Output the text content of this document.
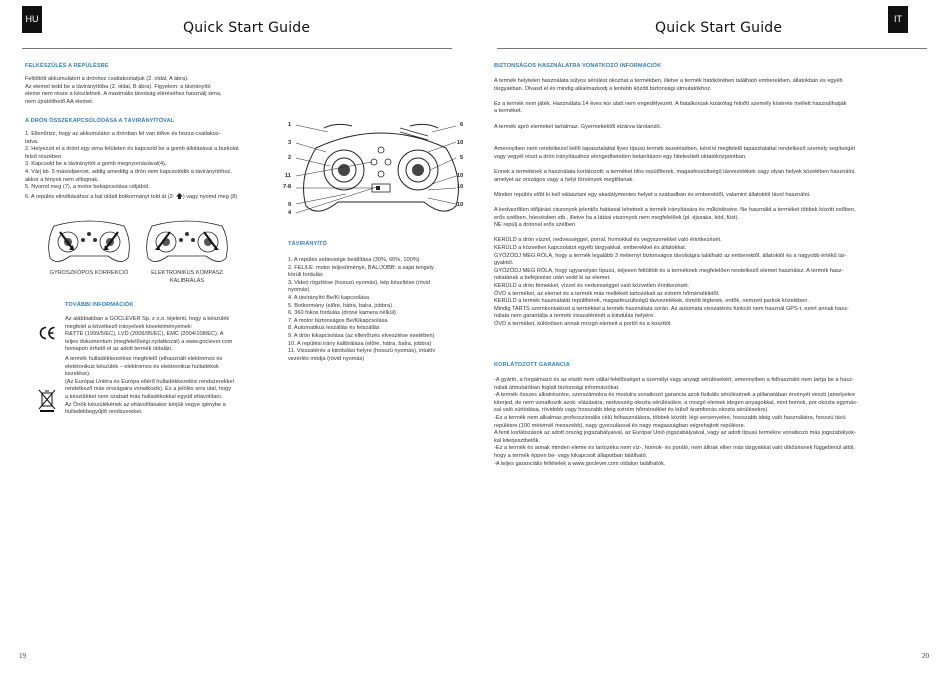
HU
Quick Start Guide
FELKÉSZÜLÉS A REPÜLÉSRE
Feltöltött akkumulátort a drónhoz csatlakoztatjuk (2. oldal, A ábra).
Az elemet tedd be a távirányítóba (2. oldal, B ábra). Figyelem: a távirányító
eleme nem része a készletnek. A maximális távolság eléréséhez használj sima,
nem újratölthető AA elemet.
A DRÓN ÖSSZEKAPCSOLÓDÁSA A TÁVIRÁNYÍTÓVAL
1. Ellenőrizz, hogy az akkumulátor a drónban fel van töltve és hozza csatlakoz-
tatva.
2. Helyezzd el a drónt egy sima felületen és kapcsold be a gomb állolásával a burkolat
felső részében.
3. Kapcsold be a távirányítót a gomb megnyomásával(4).
4. Várj kb. 5 másodpercet, addig ameddig a drón nem kapcsolódik a távirányítóhoz,
akkor a fények nem villognak.
5. Nyomd meg (7), a motor bekapcsolása céljából.
6. A repülés elindításához a bal oldali botkormányt told át (2: ) vagy nyomd meg (8)
GYROSZKÓPOS KORREKCIÓ	ELEKTRONIKUS KOMPASZ
KALIBRÁLÁS
TOVÁBBI INFORMÁCIÓK
Az alábbiakban a GOCLEVER Sp. z o.o. kijelenti, hogy a készülék
megfelel a következő irányelvek követelményeinek:
R&TTE (1999/5/EC), LVD (2006/95/EC), EMC (2004/108/EC). A
teljes dokumentum (megfelelőségi nyilatkozat) a www.goclever.com
honlapon érhető el az adott termék oldalán.
A termék hulladékkezelése megfelelő (elhasznált elektromos és
elektronikus készülék – elektromos és elektronikus hulladékok
kezelése).
(Az Európai Unióra és Európa eltérő hulladékkezelési rendszerekkel
rendelkező más országaira vonatkozik). Ez a jelölés arra utal, hogy
a készüléket nem szabad más hulladékokkal együtt eltávolítani.
Az Önök készülékének az eltávolításakor kérjük vegye igénybe a
hulladékbegyűjtő rendszereket.
1
3
2
11
7-8
9
4
6
10
5
10
10
10
TÁVIRÁNYÍTÓ
1. A repülés sebessége beállítása (30%, 60%, 100%)
2. FEL/LE: motor teljesítménye, BAL/JOBB: a sajat tengely
körüli fordulás
3. Videó rögzítése (hosszú nyomás), kép készítése (rövid
nyomás)
4. A távirányító Be/Ki kapcsolása
5. Botkormány (előre, hátra, balra, jobbra)
6. 360 fokos fordulás (drone kamera nélkül)
7. A motor biztonságos Be/Kikapcsolása
8. Automatikus leszállás és felszállás
9. A drón kikapcsolása (az ellenőrzés elvesztése esetében)
10. A repülési irány kalibrálása (előre, hátra, balra, jobbra)
11. Visszatérés a kiindulási helyre (hosszú nyomás), intuitív
vezérlés módja (rövid nyomás)
19
IT
Quick Start Guide
BIZTONSÁGOS HASZNÁLATRA VONATKOZÓ INFORMÁCIÓK
A termék helytelen használata súlyos sérülést okozhat a termékben, illetve a termék hatókörében található emberekben, állatokban és egyéb
tárgyakban. Olvasd el és mindig alkalmazkodj a lentebb közölt biztonsági útmutatókhoz.

Ez a termék nem játék. Használata 14 éves kor alatt nem engedélyezett. A fiatalkorúak kizárólag felnőtt személy kísérete mellett használhatják
a terméket.

A termék apró elemeket tartalmaz. Gyermekektől elzárva tárolandó.

Amennyiben nem rendelkezel kellő tapasztalattal ilyen típusú termék kezelésében, kérd ki megfelelő tapasztalattal rendelkező személy segítségét
vagy vegyél részt a drón irányításához elengedhetetlen betanításon egy hitelesített oktatóközpontban.

Ennek a terméknek a használata korlátozott; a terméket tilos repülőterek, magasfeszültségű távvezetékek vagy olyan helyek közelében használni,
amelyet az országos vagy a helyi törvények megtiltanak.

Minden repülés előtt ki kell választani egy akadálymentes helyet a szabadban és emberektől, valamint állatoktól távol használni.

A kedvezőtlen időjárási viszonyok jelentős hatással lehetnek a termék irányítására és működésére. Ne használd a terméket többek között esőben,
erős szélben, hóesésben stb., illetve ha a látási viszonyok nem megfelelőek (pl. éjszaka, köd, füst).
NE repülj a drónnal erős szélben

KERÜLD a drón vízzel, nedvességgel, porral, homokkal és vegyszerekkel való érintkezését.
KERÜLD a közvetlen kapcsolatot egyéb tárgyakkal, emberekkel és állatokkal.
GYŐZŐDJ MEG RÓLA, hogy a termék legalább 3 méternyi biztonságos távolságra található az emberektől, állatoktól és a nagyobb értékű tár-
gyaktól.
GYŐZŐDJ MEG RÓLA, hogy ugyanolyan típusú, teljesen feltöltött és a terméknek megfelelően rendelkező elemet használsz. A termék hasz-
nálatának a befejezése után vedd ki az elemet.
KERÜLD a drón fémekkel, vízzel és nedvességgel való közvetlen érintkezését.
ÓVD a terméket, az elemet és a termék más mellékelt tartozékait az extrém hőmérsékletől.
KERÜLD a termék használatát repülőterek, magasfeszültségű távvezetékek, tömött légterek, erdők, nemzeti parkok közelében.
Mindig TARTS szemkontaktust a termékkel a termék használata során. Az automata visszatérés funkció nem használ GPS-t, ezért annak hasz-
nálata nem garantálja a termék visszatérését a kiindulás helyére.
ÓVD a terméket, különösen annak mozgó elemeit a portól és a koszttól.
KORLÁTOZOTT GARANCIA
-A gyártó, a forgalmazó és az eladó nem vállal felelősséget a személyi vagy anyagi sérülésekért, amennyiben a felhasználó nem tartja be a hasz-
nálati útmutatóban foglalt biztonsági információkat.
-A termék összes alkatrészére, szerszámokra és modulra vonatkozó garancia azok fizikális sérülésének a pillanatában érvényét veszti (amelyekre
kiterjed, de nem vonatkozik azok: elázására, nedvesség okozta sérülésükre, a mozgó elemek idegen anyagokkal, mint homok, por okozta egymás-
sal való súrlódása, rövidebb vagy hosszabb ideig extrém hőmérséklet és külső áramforrás okozta sérülésekre).
-Ez a termék nem alkalmas professzionális célú felhasználásra, többek között: légi versenyekre, hosszabb ideig való használatra, hosszú távú
repülésre (100 méternél messzebb), nagy gyorsulással és nagy magasságban végrehajtott repülésre.
A fenti korlátozások az adott ország jogszabályaival, az Európai Unió jogszabályaival, vagy az adott típusú termékre vonatkozó más jogszabályok-
kal kiterjeszthetők.
-Ez a termék és annak minden eleme és tartozéka nem víz-, homok- és poráló, nem állnak ellen más tárgyakkal való ütközésnek függetlenül attól,
hogy a termék éppen be- vagy kikapcsolt állapotban található.
-A teljes garanciális feltételek a www.goclever.com oldalon találhatók.
20
